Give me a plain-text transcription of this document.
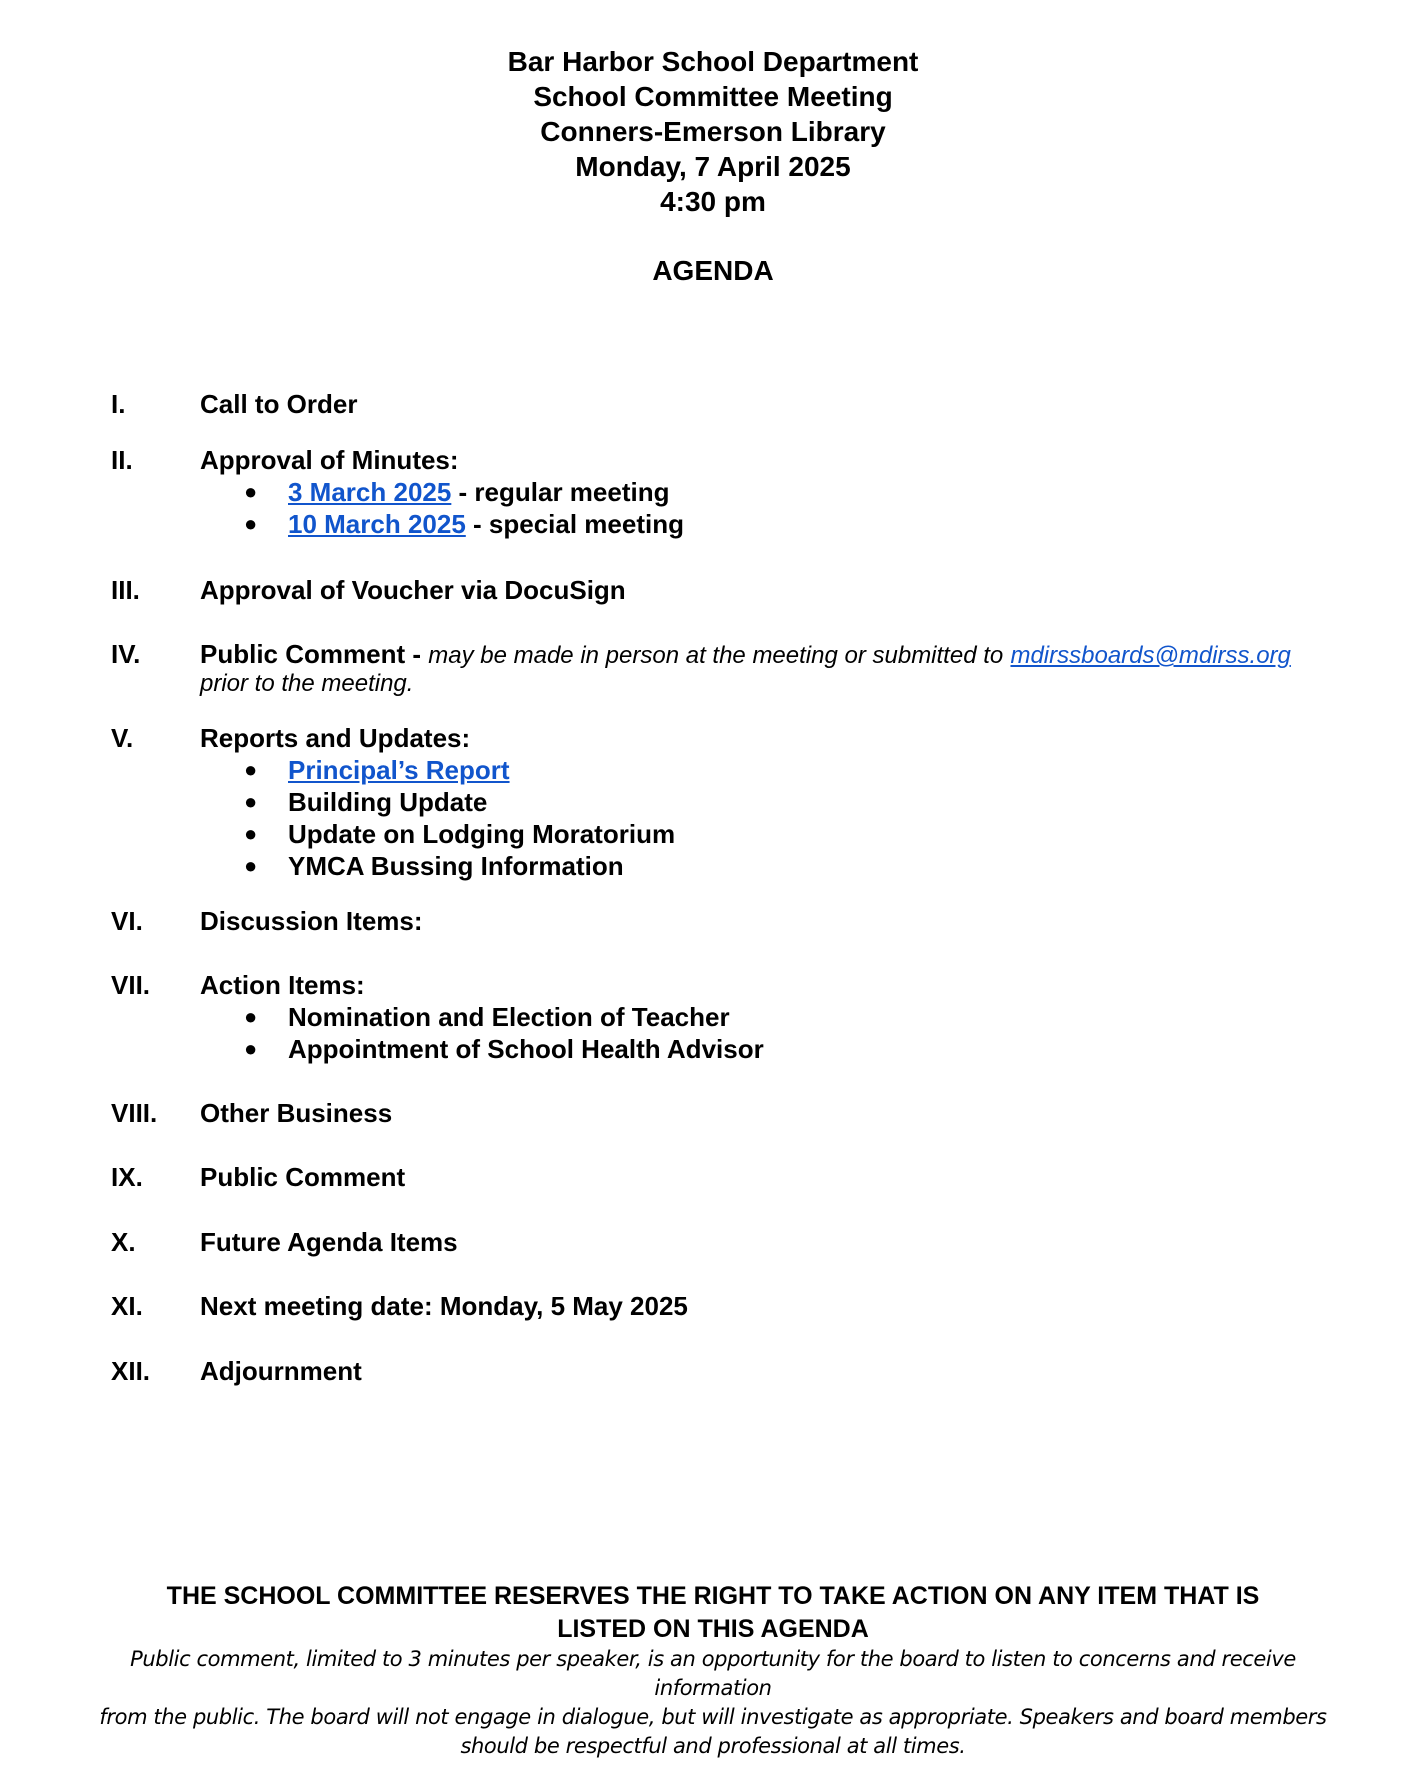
Bar Harbor School Department
School Committee Meeting
Conners-Emerson Library
Monday, 7 April 2025
4:30 pm
AGENDA
I.	Call to Order
II.	Approval of Minutes:
● 3 March 2025 - regular meeting
● 10 March 2025 - special meeting
III.	Approval of Voucher via DocuSign
IV.	Public Comment - may be made in person at the meeting or submitted to mdirssboards@mdirss.org
prior to the meeting.
V.	Reports and Updates:
● Principal’s Report
● Building Update
● Update on Lodging Moratorium
● YMCA Bussing Information
VI.	Discussion Items:
VII.	Action Items:
● Nomination and Election of Teacher
● Appointment of School Health Advisor
VIII.	Other Business
IX.	Public Comment
X.	Future Agenda Items
XI.	Next meeting date: Monday, 5 May 2025
XII.	Adjournment
THE SCHOOL COMMITTEE RESERVES THE RIGHT TO TAKE ACTION ON ANY ITEM THAT IS
LISTED ON THIS AGENDA
Public comment, limited to 3 minutes per speaker, is an opportunity for the board to listen to concerns and receive information
from the public. The board will not engage in dialogue, but will investigate as appropriate. Speakers and board members
should be respectful and professional at all times.
